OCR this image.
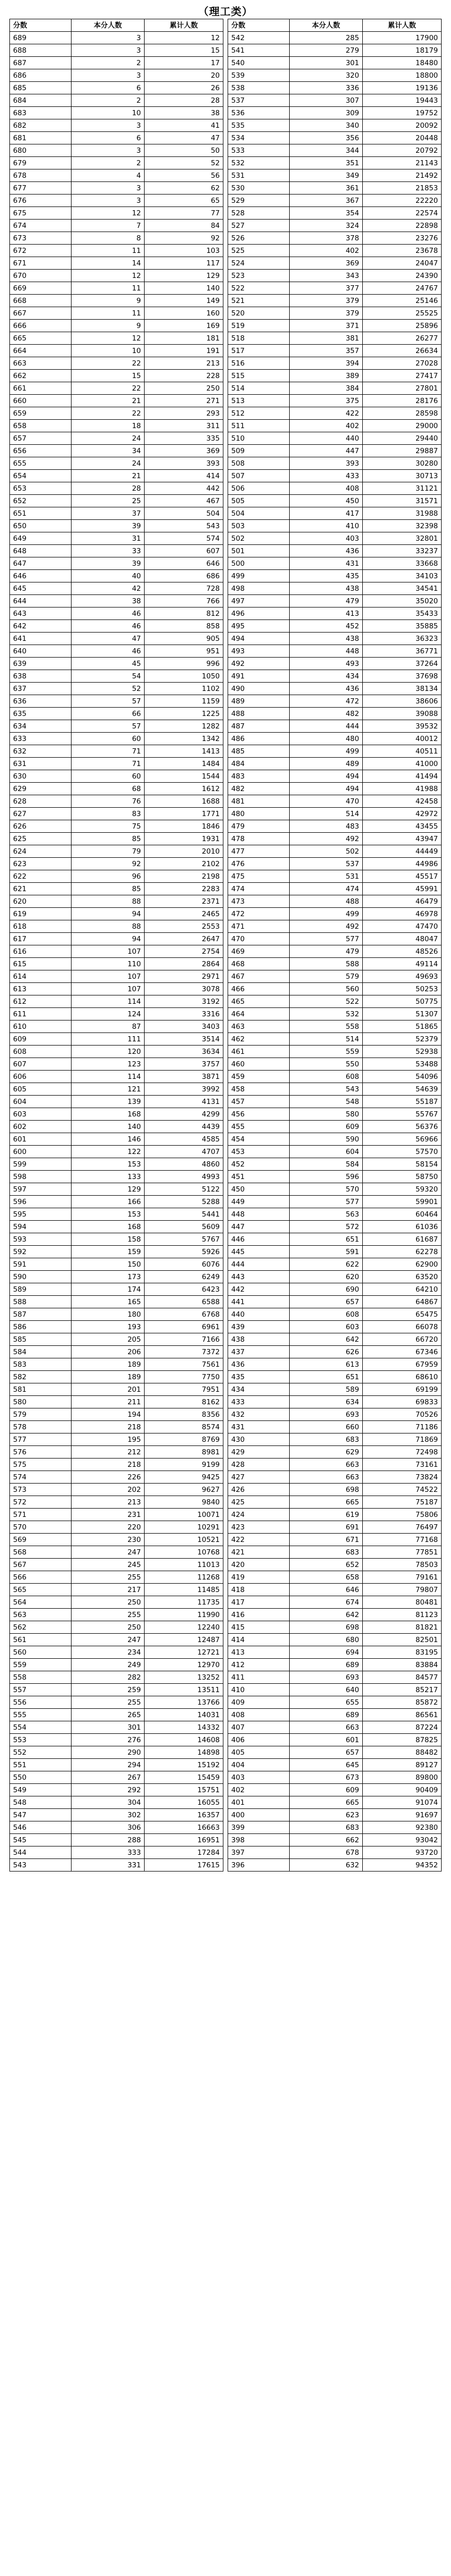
（理工类）
分数	本分人数	累计人数
689	3	12
688	3	15
687	2	17
686	3	20
685	6	26
684	2	28
683	10	38
682	3	41
681	6	47
680	3	50
679	2	52
678	4	56
677	3	62
676	3	65
675	12	77
674	7	84
673	8	92
672	11	103
671	14	117
670	12	129
669	11	140
668	9	149
667	11	160
666	9	169
665	12	181
664	10	191
663	22	213
662	15	228
661	22	250
660	21	271
659	22	293
658	18	311
657	24	335
656	34	369
655	24	393
654	21	414
653	28	442
652	25	467
651	37	504
650	39	543
649	31	574
648	33	607
647	39	646
646	40	686
645	42	728
644	38	766
643	46	812
642	46	858
641	47	905
640	46	951
639	45	996
638	54	1050
637	52	1102
636	57	1159
635	66	1225
634	57	1282
633	60	1342
632	71	1413
631	71	1484
630	60	1544
629	68	1612
628	76	1688
627	83	1771
626	75	1846
625	85	1931
624	79	2010
623	92	2102
622	96	2198
621	85	2283
620	88	2371
619	94	2465
618	88	2553
617	94	2647
616	107	2754
615	110	2864
614	107	2971
613	107	3078
612	114	3192
611	124	3316
610	87	3403
609	111	3514
608	120	3634
607	123	3757
606	114	3871
605	121	3992
604	139	4131
603	168	4299
602	140	4439
601	146	4585
600	122	4707
599	153	4860
598	133	4993
597	129	5122
596	166	5288
595	153	5441
594	168	5609
593	158	5767
592	159	5926
591	150	6076
590	173	6249
589	174	6423
588	165	6588
587	180	6768
586	193	6961
585	205	7166
584	206	7372
583	189	7561
582	189	7750
581	201	7951
580	211	8162
579	194	8356
578	218	8574
577	195	8769
576	212	8981
575	218	9199
574	226	9425
573	202	9627
572	213	9840
571	231	10071
570	220	10291
569	230	10521
568	247	10768
567	245	11013
566	255	11268
565	217	11485
564	250	11735
563	255	11990
562	250	12240
561	247	12487
560	234	12721
559	249	12970
558	282	13252
557	259	13511
556	255	13766
555	265	14031
554	301	14332
553	276	14608
552	290	14898
551	294	15192
550	267	15459
549	292	15751
548	304	16055
547	302	16357
546	306	16663
545	288	16951
544	333	17284
543	331	17615
分数	本分人数	累计人数
542	285	17900
541	279	18179
540	301	18480
539	320	18800
538	336	19136
537	307	19443
536	309	19752
535	340	20092
534	356	20448
533	344	20792
532	351	21143
531	349	21492
530	361	21853
529	367	22220
528	354	22574
527	324	22898
526	378	23276
525	402	23678
524	369	24047
523	343	24390
522	377	24767
521	379	25146
520	379	25525
519	371	25896
518	381	26277
517	357	26634
516	394	27028
515	389	27417
514	384	27801
513	375	28176
512	422	28598
511	402	29000
510	440	29440
509	447	29887
508	393	30280
507	433	30713
506	408	31121
505	450	31571
504	417	31988
503	410	32398
502	403	32801
501	436	33237
500	431	33668
499	435	34103
498	438	34541
497	479	35020
496	413	35433
495	452	35885
494	438	36323
493	448	36771
492	493	37264
491	434	37698
490	436	38134
489	472	38606
488	482	39088
487	444	39532
486	480	40012
485	499	40511
484	489	41000
483	494	41494
482	494	41988
481	470	42458
480	514	42972
479	483	43455
478	492	43947
477	502	44449
476	537	44986
475	531	45517
474	474	45991
473	488	46479
472	499	46978
471	492	47470
470	577	48047
469	479	48526
468	588	49114
467	579	49693
466	560	50253
465	522	50775
464	532	51307
463	558	51865
462	514	52379
461	559	52938
460	550	53488
459	608	54096
458	543	54639
457	548	55187
456	580	55767
455	609	56376
454	590	56966
453	604	57570
452	584	58154
451	596	58750
450	570	59320
449	577	59901
448	563	60464
447	572	61036
446	651	61687
445	591	62278
444	622	62900
443	620	63520
442	690	64210
441	657	64867
440	608	65475
439	603	66078
438	642	66720
437	626	67346
436	613	67959
435	651	68610
434	589	69199
433	634	69833
432	693	70526
431	660	71186
430	683	71869
429	629	72498
428	663	73161
427	663	73824
426	698	74522
425	665	75187
424	619	75806
423	691	76497
422	671	77168
421	683	77851
420	652	78503
419	658	79161
418	646	79807
417	674	80481
416	642	81123
415	698	81821
414	680	82501
413	694	83195
412	689	83884
411	693	84577
410	640	85217
409	655	85872
408	689	86561
407	663	87224
406	601	87825
405	657	88482
404	645	89127
403	673	89800
402	609	90409
401	665	91074
400	623	91697
399	683	92380
398	662	93042
397	678	93720
396	632	94352
